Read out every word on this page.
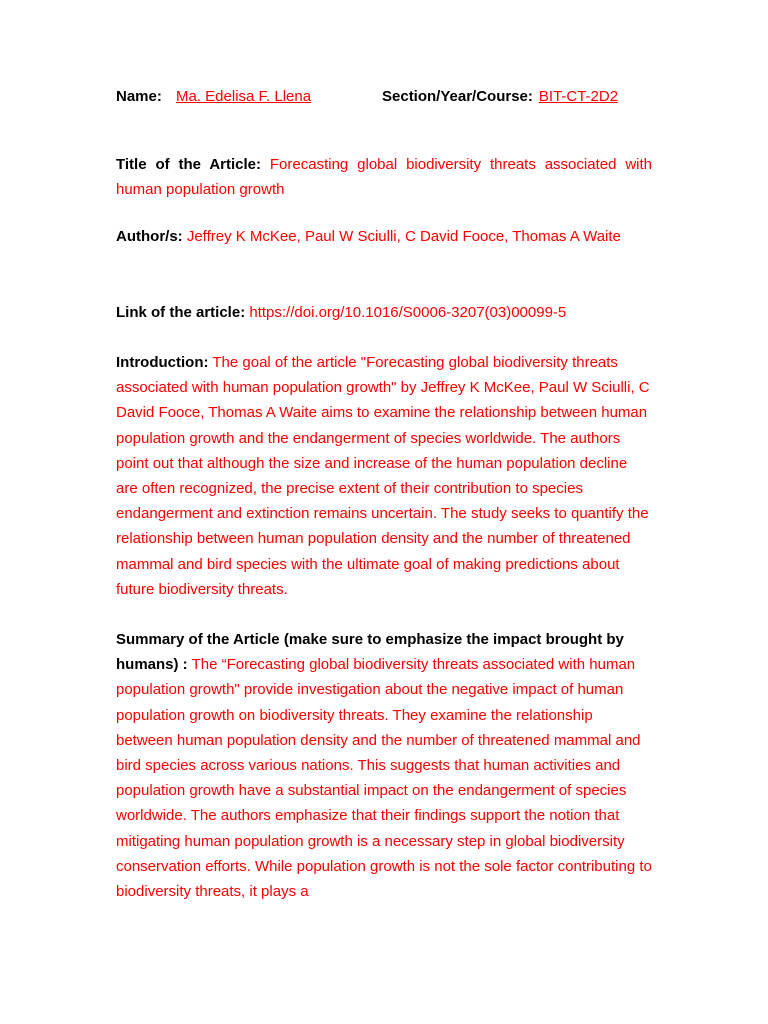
Name: Ma. Edelisa F. Llena	Section/Year/Course: BIT-CT-2D2
Title of the Article: Forecasting global biodiversity threats associated with human population growth
Author/s: Jeffrey K McKee, Paul W Sciulli, C David Fooce, Thomas A Waite
Link of the article: https://doi.org/10.1016/S0006-3207(03)00099-5
Introduction: The goal of the article "Forecasting global biodiversity threats associated with human population growth" by Jeffrey K McKee, Paul W Sciulli, C David Fooce, Thomas A Waite aims to examine the relationship between human population growth and the endangerment of species worldwide. The authors point out that although the size and increase of the human population decline are often recognized, the precise extent of their contribution to species endangerment and extinction remains uncertain. The study seeks to quantify the relationship between human population density and the number of threatened mammal and bird species with the ultimate goal of making predictions about future biodiversity threats.
Summary of the Article (make sure to emphasize the impact brought by humans) : The “Forecasting global biodiversity threats associated with human population growth" provide investigation about the negative impact of human population growth on biodiversity threats. They examine the relationship between human population density and the number of threatened mammal and bird species across various nations. This suggests that human activities and population growth have a substantial impact on the endangerment of species worldwide. The authors emphasize that their findings support the notion that mitigating human population growth is a necessary step in global biodiversity conservation efforts. While population growth is not the sole factor contributing to biodiversity threats, it plays a
